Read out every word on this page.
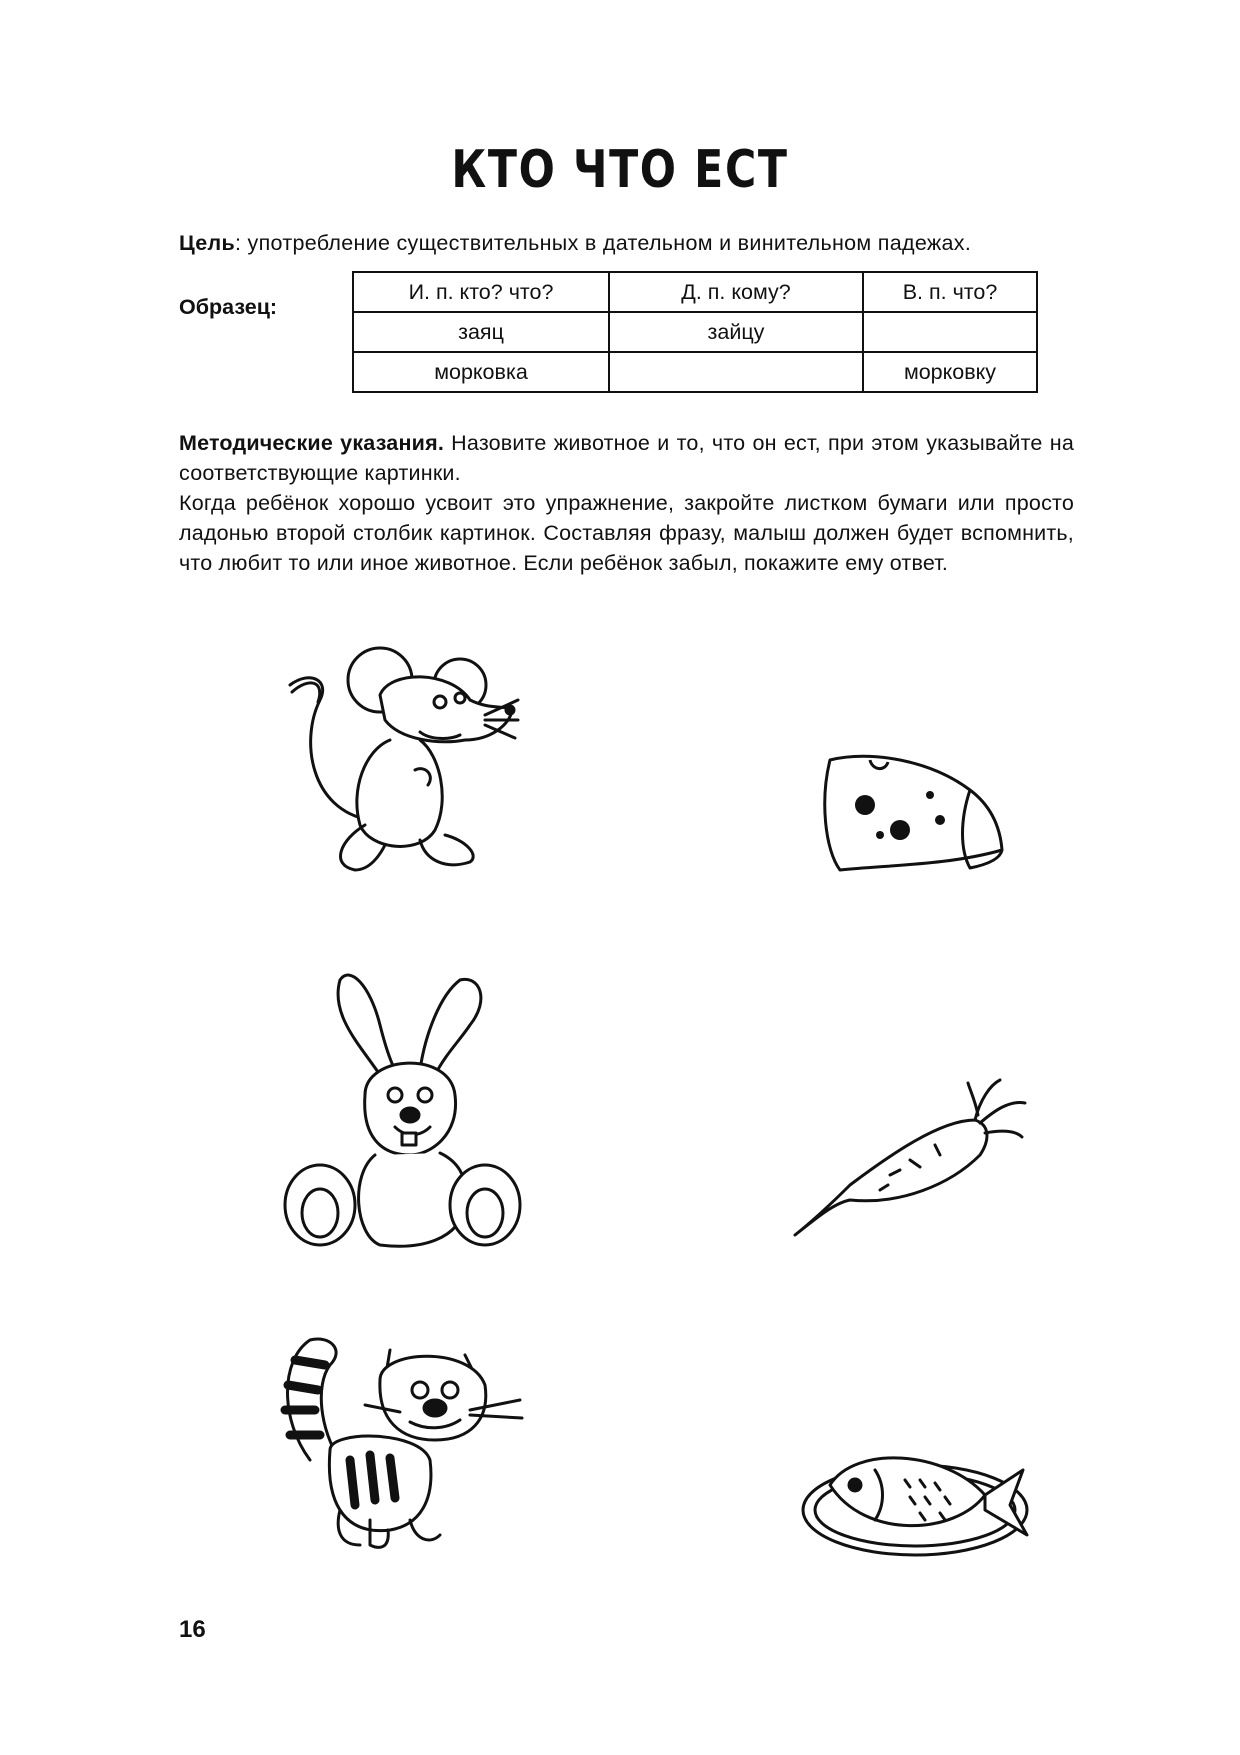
КТО ЧТО ЕСТ
Цель: употребление существительных в дательном и винительном падежах.
Образец:
И. п. кто? что?	Д. п. кому?	В. п. что?
заяц	зайцу	
морковка		морковку

Методические указания. Назовите животное и то, что он ест, при этом указывайте на соответствующие картинки.

Когда ребёнок хорошо усвоит это упражнение, закройте листком бумаги или просто ладонью второй столбик картинок. Составляя фразу, малыш должен будет вспомнить, что любит то или иное животное. Если ребёнок забыл, покажите ему ответ.

16
